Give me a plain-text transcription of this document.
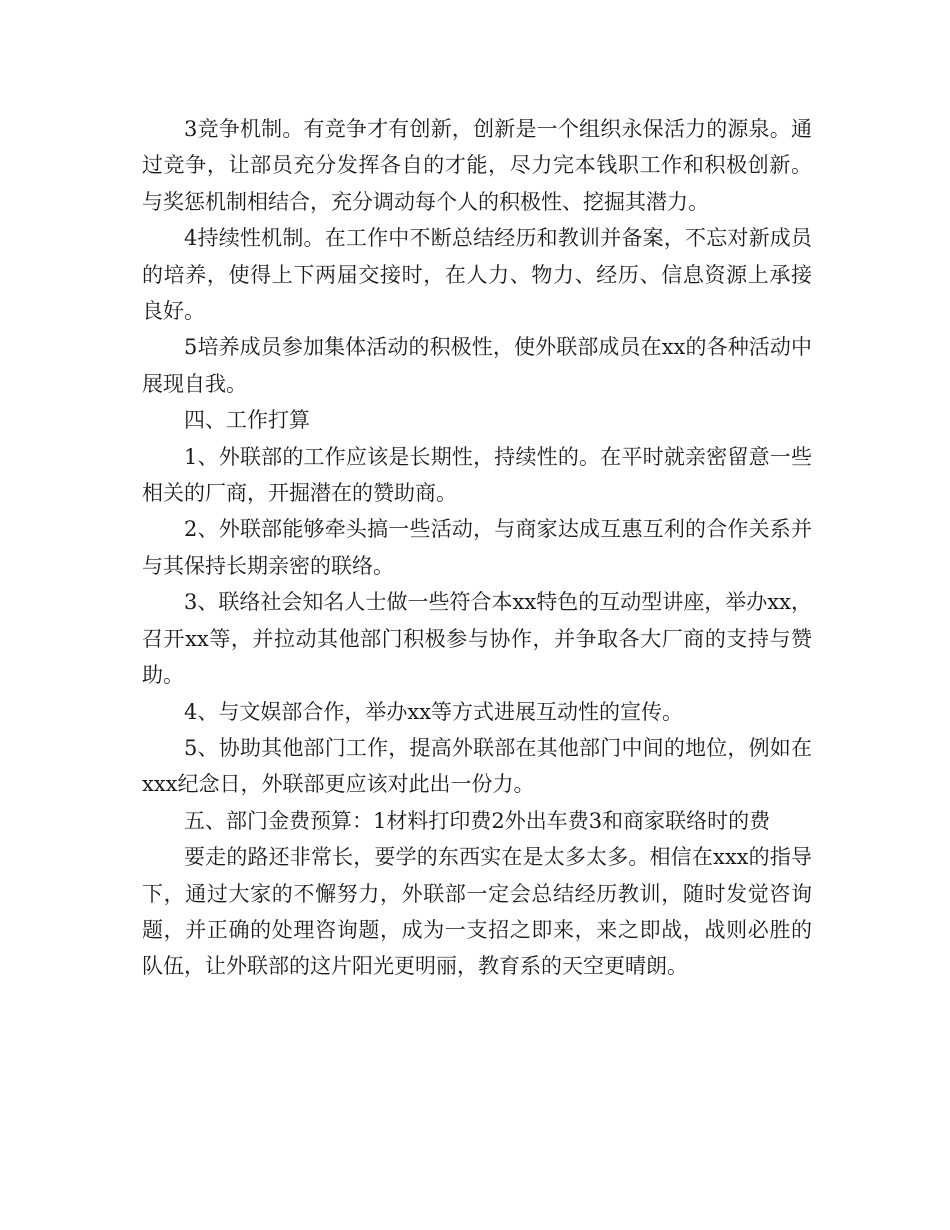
3竞争机制。有竞争才有创新，创新是一个组织永保活力的源泉。通过竞争，让部员充分发挥各自的才能，尽力完本钱职工作和积极创新。与奖惩机制相结合，充分调动每个人的积极性、挖掘其潜力。

4持续性机制。在工作中不断总结经历和教训并备案，不忘对新成员的培养，使得上下两届交接时，在人力、物力、经历、信息资源上承接良好。

5培养成员参加集体活动的积极性，使外联部成员在xx的各种活动中展现自我。

四、工作打算

1、外联部的工作应该是长期性，持续性的。在平时就亲密留意一些相关的厂商，开掘潜在的赞助商。

2、外联部能够牵头搞一些活动，与商家达成互惠互利的合作关系并与其保持长期亲密的联络。

3、联络社会知名人士做一些符合本xx特色的互动型讲座，举办xx，召开xx等，并拉动其他部门积极参与协作，并争取各大厂商的支持与赞助。

4、与文娱部合作，举办xx等方式进展互动性的宣传。

5、协助其他部门工作，提高外联部在其他部门中间的地位，例如在xxx纪念日，外联部更应该对此出一份力。

五、部门金费预算：1材料打印费2外出车费3和商家联络时的费

要走的路还非常长，要学的东西实在是太多太多。相信在xxx的指导下，通过大家的不懈努力，外联部一定会总结经历教训，随时发觉咨询题，并正确的处理咨询题，成为一支招之即来，来之即战，战则必胜的队伍，让外联部的这片阳光更明丽，教育系的天空更晴朗。
